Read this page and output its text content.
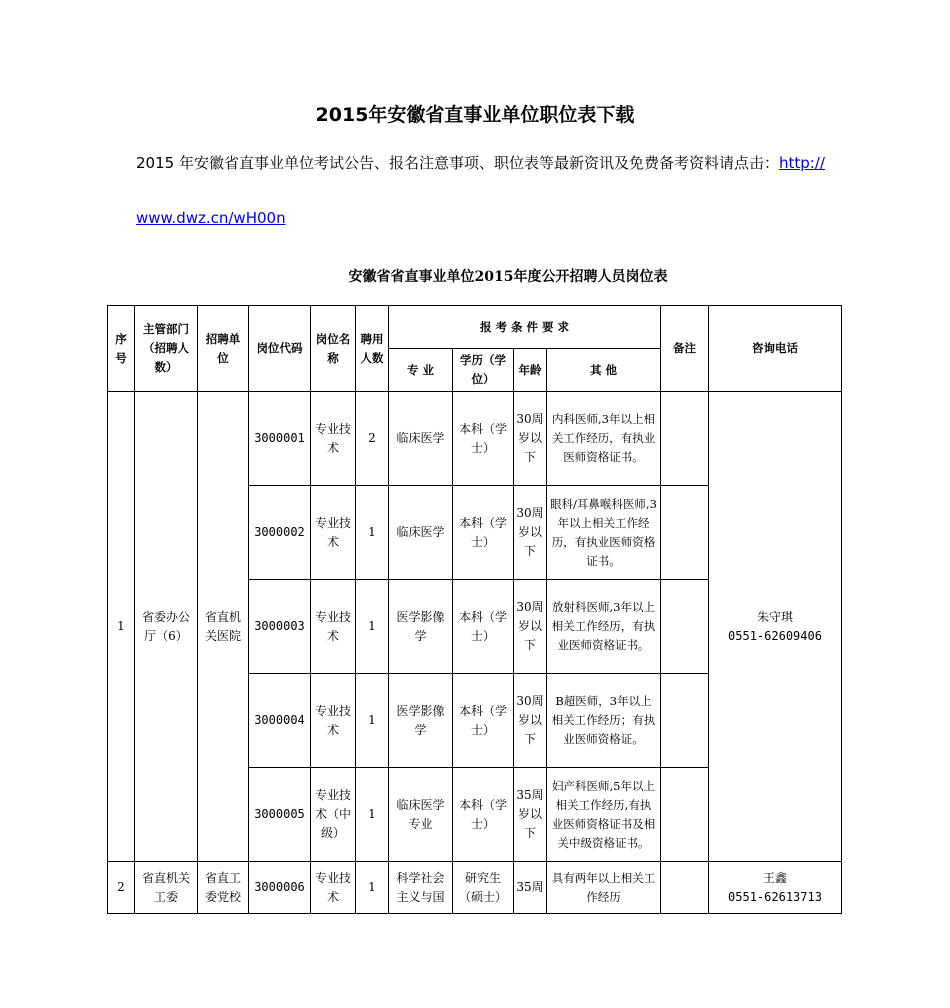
2015年安徽省直事业单位职位表下载
2015 年安徽省直事业单位考试公告、报名注意事项、职位表等最新资讯及免费备考资料请点击：http://
www.dwz.cn/wH00n
安徽省省直事业单位2015年度公开招聘人员岗位表
序号	主管部门（招聘人数）	招聘单位	岗位代码	岗位名称	聘用人数	报 考 条 件 要 求				备注	咨询电话
						专 业	学历（学位）	年龄	其 他		
1	省委办公厅（6）	省直机关医院	3000001	专业技术	2	临床医学	本科（学士）	30周岁以下	内科医师,3年以上相关工作经历，有执业医师资格证书。		朱守琪
0551-62609406

			3000002	专业技术	1	临床医学	本科（学士）	30周岁以下	眼科/耳鼻喉科医师,3年以上相关工作经历，有执业医师资格证书。		
			3000003	专业技术	1	医学影像学	本科（学士）	30周岁以下	放射科医师,3年以上相关工作经历，有执业医师资格证书。		
			3000004	专业技术	1	医学影像学	本科（学士）	30周岁以下	B超医师，3年以上相关工作经历；有执业医师资格证。		
			3000005	专业技术（中级）	1	临床医学专业	本科（学士）	35周岁以下	妇产科医师,5年以上相关工作经历,有执业医师资格证书及相关中级资格证书。		
2	省直机关工委	省直工委党校	3000006	专业技术	1	科学社会主义与国	研究生（硕士）	35周	具有两年以上相关工作经历		王鑫
0551-62613713
